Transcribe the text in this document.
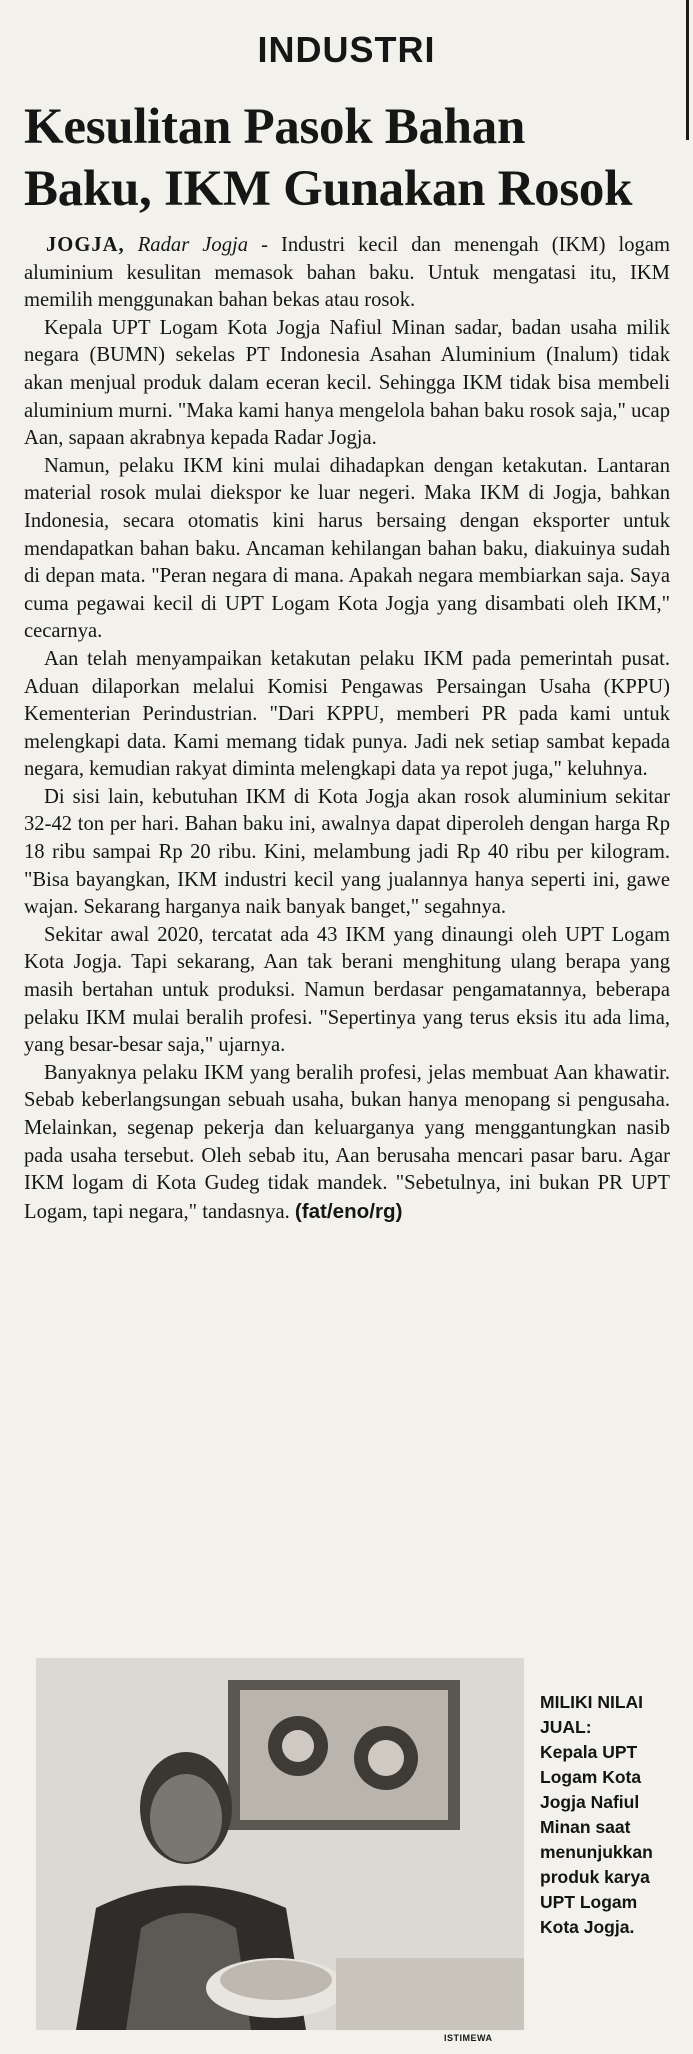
INDUSTRI
Kesulitan Pasok Bahan
Baku, IKM Gunakan Rosok

JOGJA, Radar Jogja - Industri kecil dan menengah (IKM) logam aluminium kesulitan memasok bahan baku. Untuk mengatasi itu, IKM memilih menggunakan bahan bekas atau rosok.

Kepala UPT Logam Kota Jogja Nafiul Minan sadar, badan usaha milik negara (BUMN) sekelas PT Indonesia Asahan Aluminium (Inalum) tidak akan menjual produk dalam eceran kecil. Sehingga IKM tidak bisa membeli aluminium murni. "Maka kami hanya mengelola bahan baku rosok saja," ucap Aan, sapaan akrabnya kepada Radar Jogja.

Namun, pelaku IKM kini mulai dihadapkan dengan ketakutan. Lantaran material rosok mulai diekspor ke luar negeri. Maka IKM di Jogja, bahkan Indonesia, secara otomatis kini harus bersaing dengan eksporter untuk mendapatkan bahan baku. Ancaman kehilangan bahan baku, diakuinya sudah di depan mata. "Peran negara di mana. Apakah negara membiarkan saja. Saya cuma pegawai kecil di UPT Logam Kota Jogja yang disambati oleh IKM," cecarnya.

Aan telah menyampaikan ketakutan pelaku IKM pada pemerintah pusat. Aduan dilaporkan melalui Komisi Pengawas Persaingan Usaha (KPPU) Kementerian Perindustrian. "Dari KPPU, memberi PR pada kami untuk melengkapi data. Kami memang tidak punya. Jadi nek setiap sambat kepada negara, kemudian rakyat diminta melengkapi data ya repot juga," keluhnya.

Di sisi lain, kebutuhan IKM di Kota Jogja akan rosok aluminium sekitar 32-42 ton per hari. Bahan baku ini, awalnya dapat diperoleh dengan harga Rp 18 ribu sampai Rp 20 ribu. Kini, melambung jadi Rp 40 ribu per kilogram. "Bisa bayangkan, IKM industri kecil yang jualannya hanya seperti ini, gawe wajan. Sekarang harganya naik banyak banget," segahnya.

Sekitar awal 2020, tercatat ada 43 IKM yang dinaungi oleh UPT Logam Kota Jogja. Tapi sekarang, Aan tak berani menghitung ulang berapa yang masih bertahan untuk produksi. Namun berdasar pengamatannya, beberapa pelaku IKM mulai beralih profesi. "Sepertinya yang terus eksis itu ada lima, yang besar-besar saja," ujarnya.

Banyaknya pelaku IKM yang beralih profesi, jelas membuat Aan khawatir. Sebab keberlangsungan sebuah usaha, bukan hanya menopang si pengusaha. Melainkan, segenap pekerja dan keluarganya yang menggantungkan nasib pada usaha tersebut. Oleh sebab itu, Aan berusaha mencari pasar baru. Agar IKM logam di Kota Gudeg tidak mandek. "Sebetulnya, ini bukan PR UPT Logam, tapi negara," tandasnya. (fat/eno/rg)

MILIKI NILAI JUAL:
Kepala UPT Logam Kota Jogja Nafiul Minan saat menunjukkan produk karya UPT Logam Kota Jogja.
ISTIMEWA
